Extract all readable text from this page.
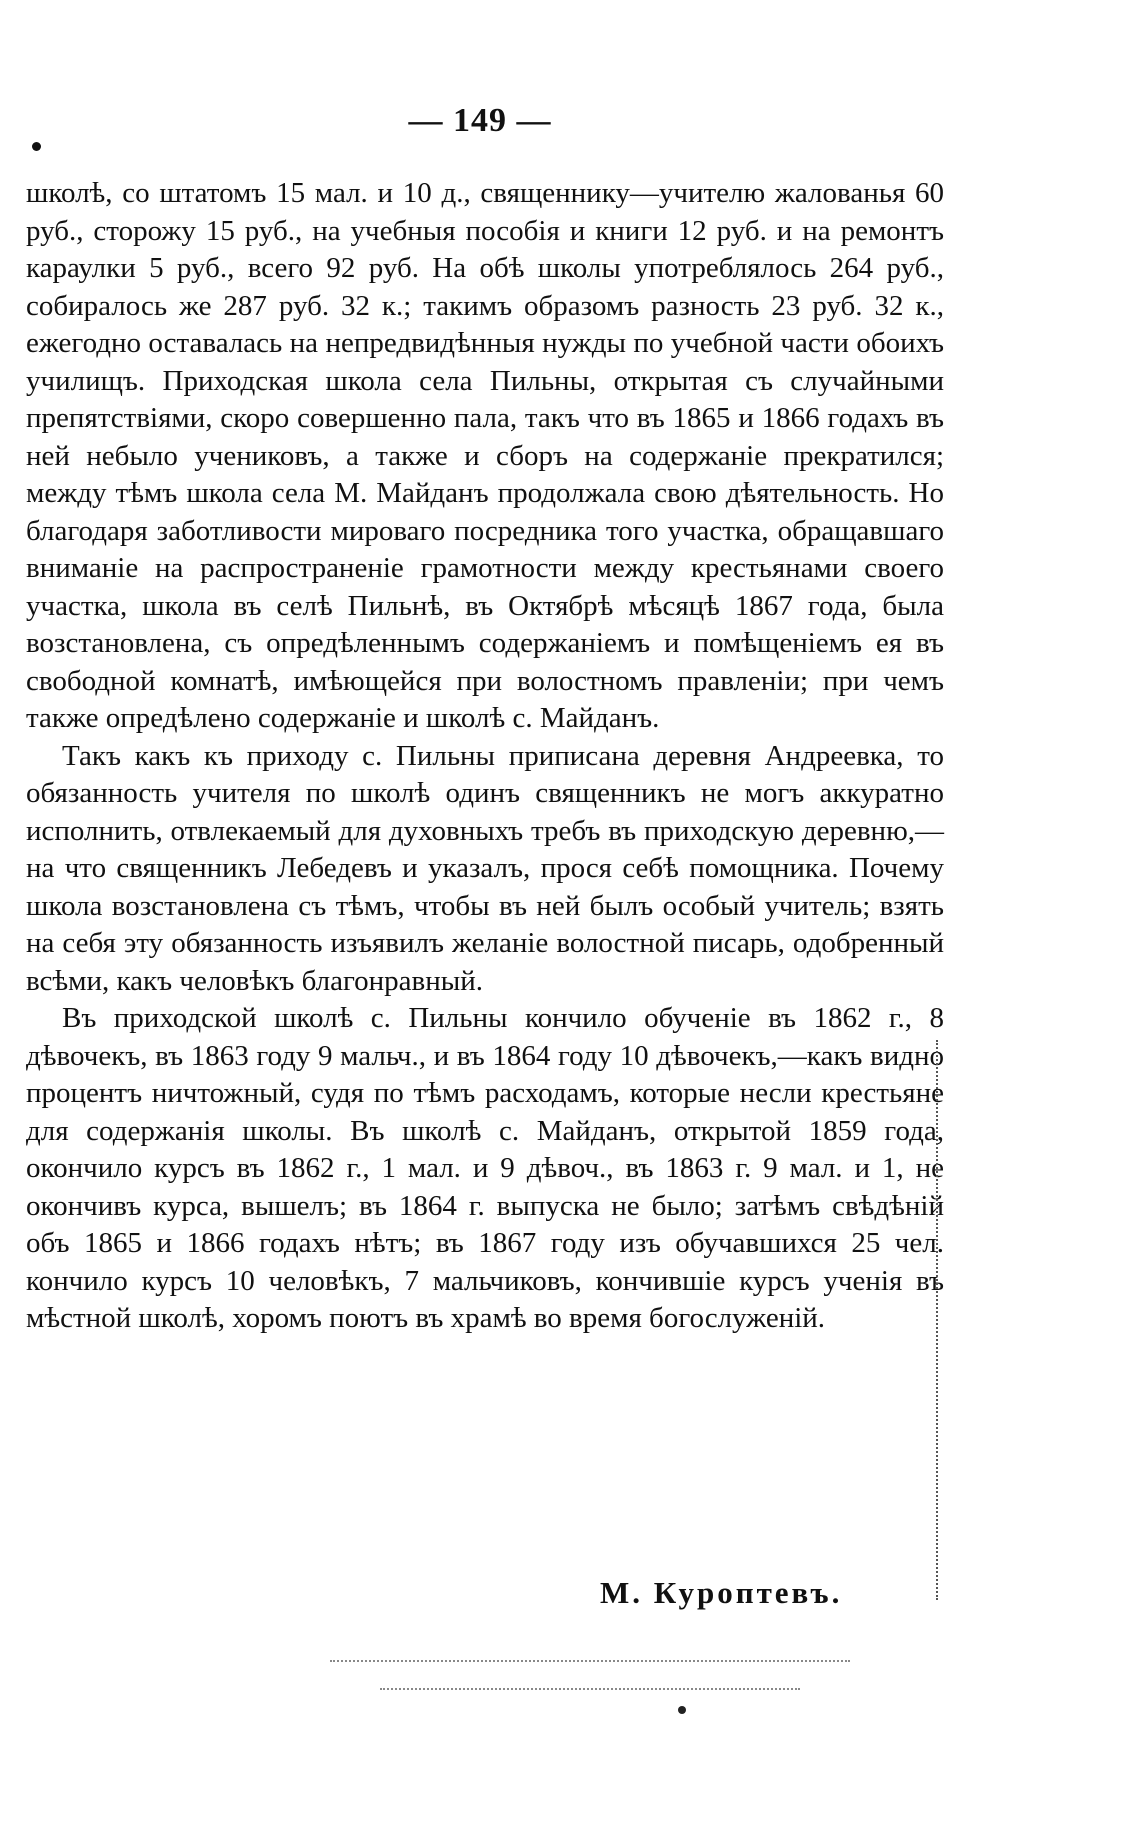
— 149 —

школѣ, со штатомъ 15 мал. и 10 д., священнику—учителю жалованья 60 руб., сторожу 15 руб., на учебныя пособія и книги 12 руб. и на ремонтъ караулки 5 руб., всего 92 руб. На обѣ школы употреблялось 264 руб., собиралось же 287 руб. 32 к.; такимъ образомъ разность 23 руб. 32 к., ежегодно оставалась на непредвидѣнныя нужды по учебной части обоихъ училищъ. Приходская школа села Пильны, открытая съ случайными препятствіями, скоро совершенно пала, такъ что въ 1865 и 1866 годахъ въ ней небыло учениковъ, а также и сборъ на содержаніе прекратился; между тѣмъ школа села М. Майданъ продолжала свою дѣятельность. Но благодаря заботливости мироваго посредника того участка, обращавшаго вниманіе на распространеніе грамотности между крестьянами своего участка, школа въ селѣ Пильнѣ, въ Октябрѣ мѣсяцѣ 1867 года, была возстановлена, съ опредѣленнымъ содержаніемъ и помѣщеніемъ ея въ свободной комнатѣ, имѣющейся при волостномъ правленіи; при чемъ также опредѣлено содержаніе и школѣ с. Майданъ.

Такъ какъ къ приходу с. Пильны приписана деревня Андреевка, то обязанность учителя по школѣ одинъ священникъ не могъ аккуратно исполнить, отвлекаемый для духовныхъ требъ въ приходскую деревню,—на что священникъ Лебедевъ и указалъ, прося себѣ помощника. Почему школа возстановлена съ тѣмъ, чтобы въ ней былъ особый учитель; взять на себя эту обязанность изъявилъ желаніе волостной писарь, одобренный всѣми, какъ человѣкъ благонравный.

Въ приходской школѣ с. Пильны кончило обученіе въ 1862 г., 8 дѣвочекъ, въ 1863 году 9 мальч., и въ 1864 году 10 дѣвочекъ,—какъ видно процентъ ничтожный, судя по тѣмъ расходамъ, которые несли крестьяне для содержанія школы. Въ школѣ с. Майданъ, открытой 1859 года, окончило курсъ въ 1862 г., 1 мал. и 9 дѣвоч., въ 1863 г. 9 мал. и 1, не окончивъ курса, вышелъ; въ 1864 г. выпуска не было; затѣмъ свѣдѣній объ 1865 и 1866 годахъ нѣтъ; въ 1867 году изъ обучавшихся 25 чел. кончило курсъ 10 человѣкъ, 7 мальчиковъ, кончившіе курсъ ученія въ мѣстной школѣ, хоромъ поютъ въ храмѣ во время богослуженій.

М. Куроптевъ.
